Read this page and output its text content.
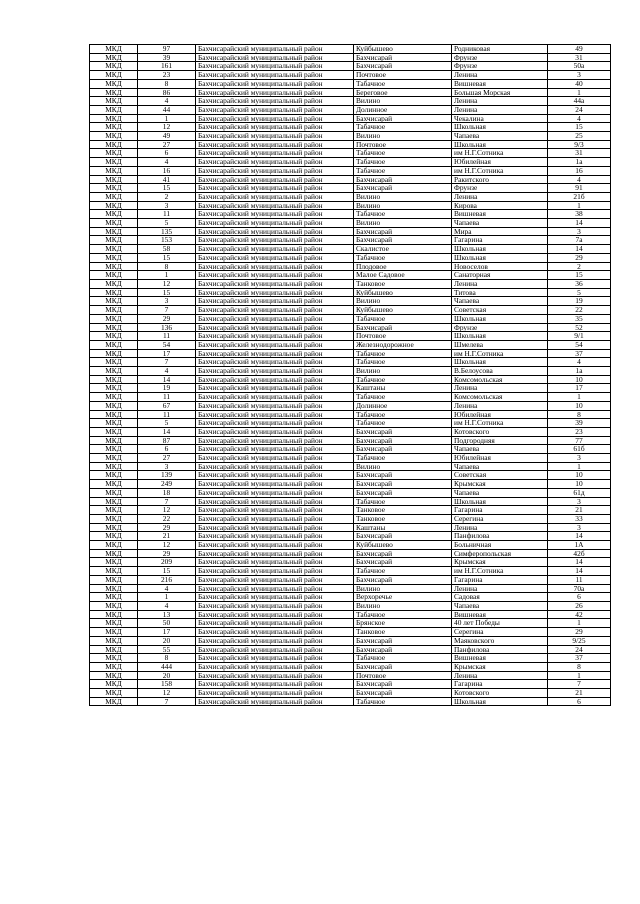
МКД	97	Бахчисарайский муниципальный район	Куйбышево	Родниковая	49
МКД	39	Бахчисарайский муниципальный район	Бахчисарай	Фрунзе	31
МКД	161	Бахчисарайский муниципальный район	Бахчисарай	Фрунзе	50а
МКД	23	Бахчисарайский муниципальный район	Почтовое	Ленина	3
МКД	8	Бахчисарайский муниципальный район	Табачное	Вишневая	40
МКД	86	Бахчисарайский муниципальный район	Береговое	Большая Морская	1
МКД	4	Бахчисарайский муниципальный район	Вилино	Ленина	44а
МКД	44	Бахчисарайский муниципальный район	Долинное	Ленина	24
МКД	1	Бахчисарайский муниципальный район	Бахчисарай	Чекалина	4
МКД	12	Бахчисарайский муниципальный район	Табачное	Школьная	15
МКД	49	Бахчисарайский муниципальный район	Вилино	Чапаева	25
МКД	27	Бахчисарайский муниципальный район	Почтовое	Школьная	9/3
МКД	6	Бахчисарайский муниципальный район	Табачное	им Н.Г.Сотника	31
МКД	4	Бахчисарайский муниципальный район	Табачное	Юбилейная	1а
МКД	16	Бахчисарайский муниципальный район	Табачное	им Н.Г.Сотника	16
МКД	41	Бахчисарайский муниципальный район	Бахчисарай	Ракитского	4
МКД	15	Бахчисарайский муниципальный район	Бахчисарай	Фрунзе	91
МКД	2	Бахчисарайский муниципальный район	Вилино	Ленина	21б
МКД	3	Бахчисарайский муниципальный район	Вилино	Кирова	1
МКД	11	Бахчисарайский муниципальный район	Табачное	Вишневая	38
МКД	5	Бахчисарайский муниципальный район	Вилино	Чапаева	14
МКД	135	Бахчисарайский муниципальный район	Бахчисарай	Мира	3
МКД	153	Бахчисарайский муниципальный район	Бахчисарай	Гагарина	7а
МКД	58	Бахчисарайский муниципальный район	Скалистое	Школьная	14
МКД	15	Бахчисарайский муниципальный район	Табачное	Школьная	29
МКД	8	Бахчисарайский муниципальный район	Плодовое	Новоселов	2
МКД	1	Бахчисарайский муниципальный район	Малое Садовое	Санаторная	15
МКД	12	Бахчисарайский муниципальный район	Танковое	Ленина	36
МКД	15	Бахчисарайский муниципальный район	Куйбышево	Титова	5
МКД	3	Бахчисарайский муниципальный район	Вилино	Чапаева	19
МКД	7	Бахчисарайский муниципальный район	Куйбышево	Советская	22
МКД	29	Бахчисарайский муниципальный район	Табачное	Школьная	35
МКД	136	Бахчисарайский муниципальный район	Бахчисарай	Фрунзе	52
МКД	11	Бахчисарайский муниципальный район	Почтовое	Школьная	9/1
МКД	54	Бахчисарайский муниципальный район	Железнодорожное	Шмелева	54
МКД	17	Бахчисарайский муниципальный район	Табачное	им Н.Г.Сотника	37
МКД	7	Бахчисарайский муниципальный район	Табачное	Школьная	4
МКД	4	Бахчисарайский муниципальный район	Вилино	В.Белоусова	1а
МКД	14	Бахчисарайский муниципальный район	Табачное	Комсомольская	10
МКД	19	Бахчисарайский муниципальный район	Каштаны	Ленина	17
МКД	11	Бахчисарайский муниципальный район	Табачное	Комсомольская	1
МКД	67	Бахчисарайский муниципальный район	Долинное	Ленина	10
МКД	11	Бахчисарайский муниципальный район	Табачное	Юбилейная	8
МКД	5	Бахчисарайский муниципальный район	Табачное	им Н.Г.Сотника	39
МКД	14	Бахчисарайский муниципальный район	Бахчисарай	Котовского	23
МКД	87	Бахчисарайский муниципальный район	Бахчисарай	Подгородняя	77
МКД	6	Бахчисарайский муниципальный район	Бахчисарай	Чапаева	61б
МКД	27	Бахчисарайский муниципальный район	Табачное	Юбилейная	3
МКД	3	Бахчисарайский муниципальный район	Вилино	Чапаева	1
МКД	139	Бахчисарайский муниципальный район	Бахчисарай	Советская	10
МКД	249	Бахчисарайский муниципальный район	Бахчисарай	Крымская	10
МКД	18	Бахчисарайский муниципальный район	Бахчисарай	Чапаева	61д
МКД	7	Бахчисарайский муниципальный район	Табачное	Школьная	3
МКД	12	Бахчисарайский муниципальный район	Танковое	Гагарина	21
МКД	22	Бахчисарайский муниципальный район	Танковое	Серегина	33
МКД	29	Бахчисарайский муниципальный район	Каштаны	Ленина	3
МКД	21	Бахчисарайский муниципальный район	Бахчисарай	Панфилова	14
МКД	12	Бахчисарайский муниципальный район	Куйбышево	Больничная	1А
МКД	29	Бахчисарайский муниципальный район	Бахчисарай	Симферопольская	42б
МКД	209	Бахчисарайский муниципальный район	Бахчисарай	Крымская	14
МКД	15	Бахчисарайский муниципальный район	Табачное	им Н.Г.Сотника	14
МКД	216	Бахчисарайский муниципальный район	Бахчисарай	Гагарина	11
МКД	4	Бахчисарайский муниципальный район	Вилино	Ленина	70а
МКД	1	Бахчисарайский муниципальный район	Верхоречье	Садовая	6
МКД	4	Бахчисарайский муниципальный район	Вилино	Чапаева	26
МКД	13	Бахчисарайский муниципальный район	Табачное	Вишневая	42
МКД	50	Бахчисарайский муниципальный район	Брянское	40 лет Победы	1
МКД	17	Бахчисарайский муниципальный район	Танковое	Серегина	29
МКД	20	Бахчисарайский муниципальный район	Бахчисарай	Маяковского	9/25
МКД	55	Бахчисарайский муниципальный район	Бахчисарай	Панфилова	24
МКД	8	Бахчисарайский муниципальный район	Табачное	Вишневая	37
МКД	444	Бахчисарайский муниципальный район	Бахчисарай	Крымская	8
МКД	20	Бахчисарайский муниципальный район	Почтовое	Ленина	1
МКД	158	Бахчисарайский муниципальный район	Бахчисарай	Гагарина	7
МКД	12	Бахчисарайский муниципальный район	Бахчисарай	Котовского	21
МКД	7	Бахчисарайский муниципальный район	Табачное	Школьная	6
